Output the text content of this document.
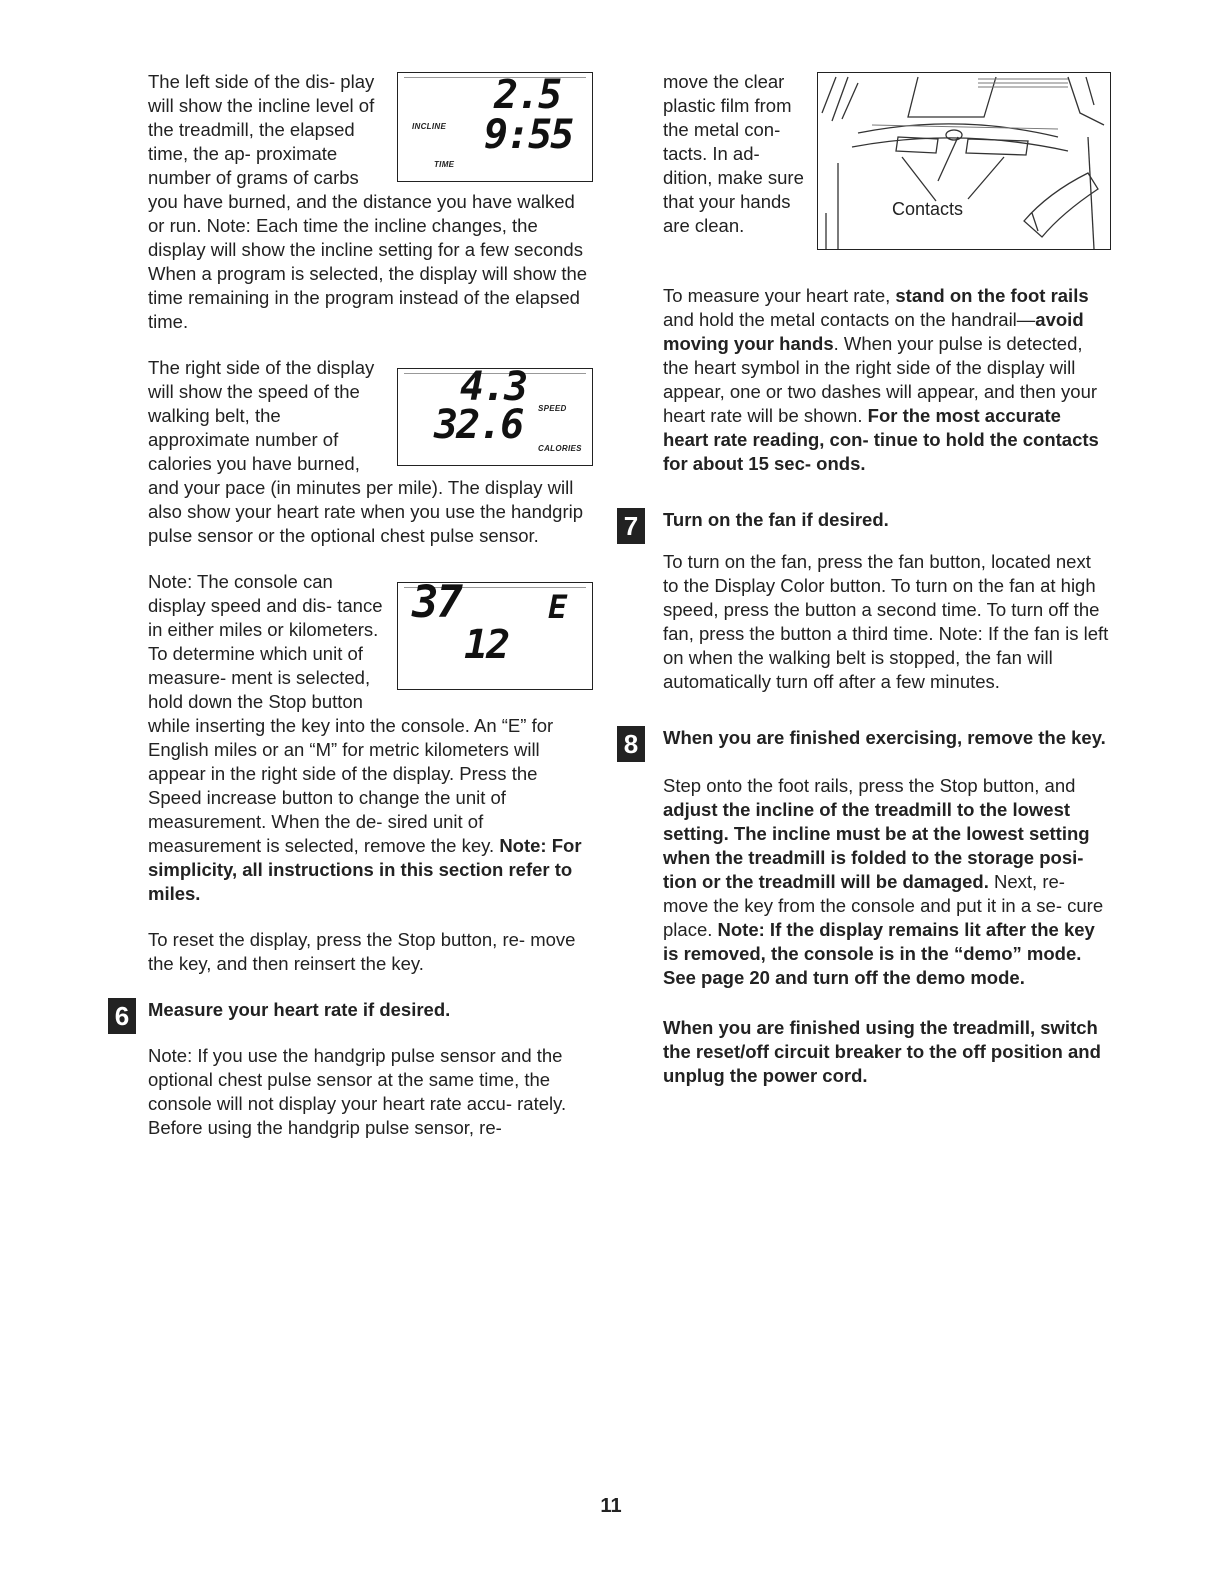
INCLINE
2.5
TIME
9:55

The left side of the dis- play will show the incline level of the treadmill, the elapsed time, the ap- proximate number of grams of carbs you have burned, and the distance you have walked or run. Note: Each time the incline changes, the display will show the incline setting for a few seconds When a program is selected, the display will show the time remaining in the program instead of the elapsed time.

4.3 SPEED
32.6
CALORIES

The right side of the display will show the speed of the walking belt, the approximate number of calories you have burned, and your pace (in minutes per mile). The display will also show your heart rate when you use the handgrip pulse sensor or the optional chest pulse sensor.

37	E
12

Note: The console can display speed and dis- tance in either miles or kilometers. To determine which unit of measure- ment is selected, hold down the Stop button while inserting the key into the console. An “E” for English miles or an “M” for metric kilometers will appear in the right side of the display. Press the Speed increase button to change the unit of measurement. When the de- sired unit of measurement is selected, remove the key. Note: For simplicity, all instructions in this section refer to miles.

To reset the display, press the Stop button, re- move the key, and then reinsert the key.

6	Measure your heart rate if desired.

Note: If you use the handgrip pulse sensor and the optional chest pulse sensor at the same time, the console will not display your heart rate accu- rately. Before using the handgrip pulse sensor, re-

Contacts

move the clear plastic film from the metal con- tacts. In ad- dition, make sure that your hands are clean.

To measure your heart rate, stand on the foot rails and hold the metal contacts on the handrail—avoid moving your hands. When your pulse is detected, the heart symbol in the right side of the display will appear, one or two dashes will appear, and then your heart rate will be shown. For the most accurate heart rate reading, con- tinue to hold the contacts for about 15 sec- onds.

7	Turn on the fan if desired.

To turn on the fan, press the fan button, located next to the Display Color button. To turn on the fan at high speed, press the button a second time. To turn off the fan, press the button a third time. Note: If the fan is left on when the walking belt is stopped, the fan will automatically turn off after a few minutes.

8	When you are finished exercising, remove the key.

Step onto the foot rails, press the Stop button, and adjust the incline of the treadmill to the lowest setting. The incline must be at the lowest setting when the treadmill is folded to the storage posi- tion or the treadmill will be damaged. Next, re- move the key from the console and put it in a se- cure place. Note: If the display remains lit after the key is removed, the console is in the “demo” mode. See page 20 and turn off the demo mode.

When you are finished using the treadmill, switch the reset/off circuit breaker to the off position and unplug the power cord.

11
